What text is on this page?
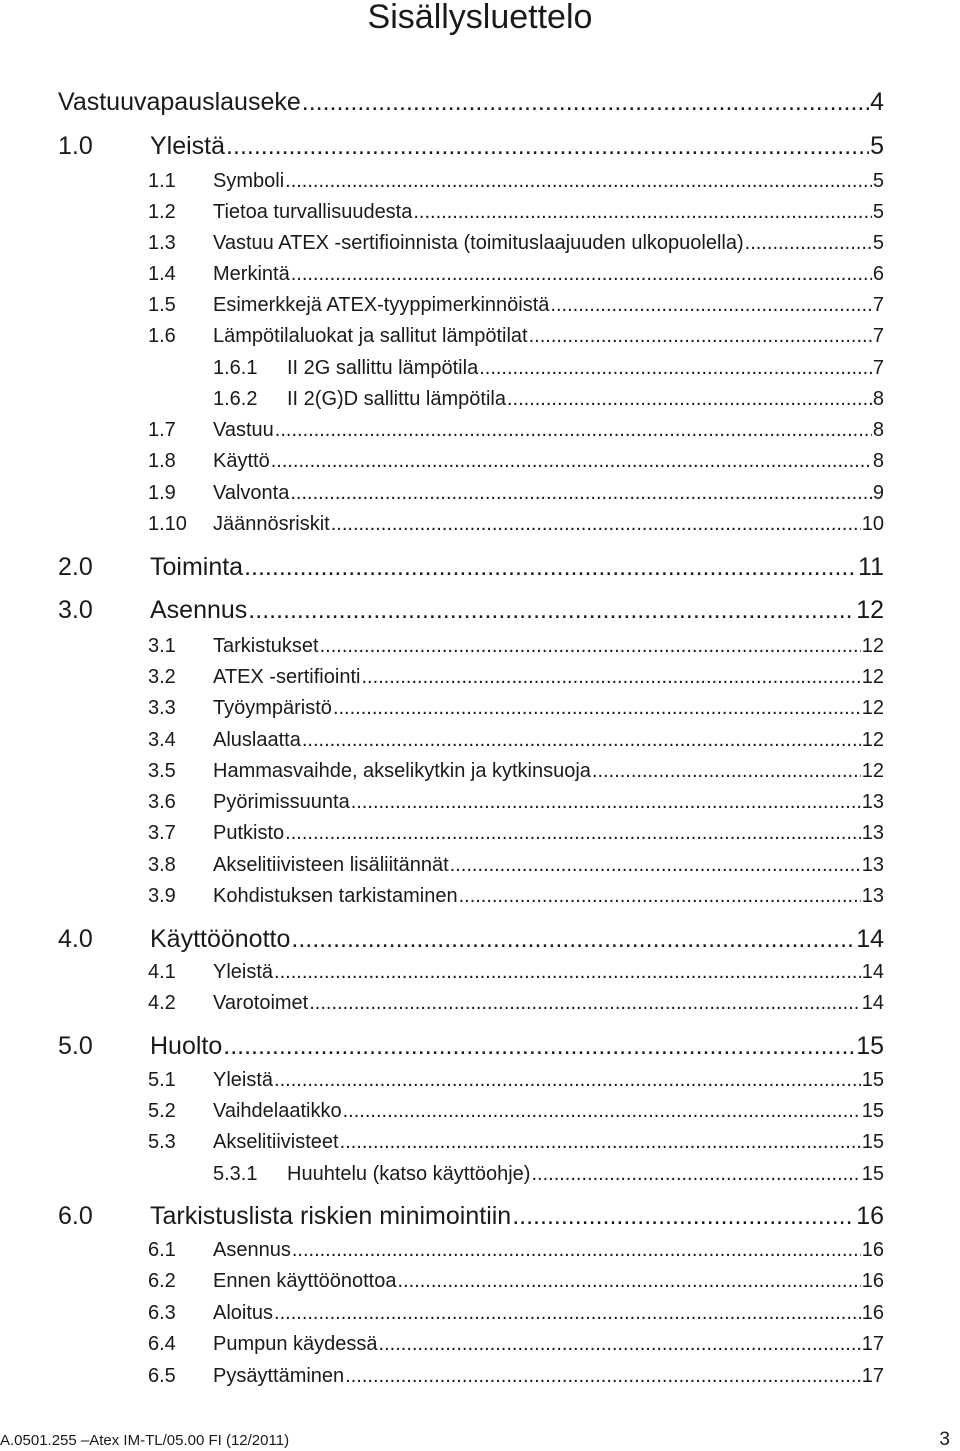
Sisällysluettelo
Vastuuvapauslauseke .....	4
1.0	Yleistä .....	5
1.1	Symboli .....	5
1.2	Tietoa turvallisuudesta .....	5
1.3	Vastuu ATEX -sertifioinnista (toimituslaajuuden ulkopuolella) .....	5
1.4	Merkintä .....	6
1.5	Esimerkkejä ATEX-tyyppimerkinnöistä .....	7
1.6	Lämpötilaluokat ja sallitut lämpötilat .....	7
1.6.1	II 2G sallittu lämpötila .....	7
1.6.2	II 2(G)D sallittu lämpötila .....	8
1.7	Vastuu .....	8
1.8	Käyttö .....	8
1.9	Valvonta .....	9
1.10	Jäännösriskit .....	10
2.0	Toiminta .....	11
3.0	Asennus .....	12
3.1	Tarkistukset .....	12
3.2	ATEX -sertifiointi .....	12
3.3	Työympäristö .....	12
3.4	Aluslaatta .....	12
3.5	Hammasvaihde, akselikytkin ja kytkinsuoja .....	12
3.6	Pyörimissuunta .....	13
3.7	Putkisto .....	13
3.8	Akselitiivisteen lisäliitännät .....	13
3.9	Kohdistuksen tarkistaminen .....	13
4.0	Käyttöönotto .....	14
4.1	Yleistä .....	14
4.2	Varotoimet .....	14
5.0	Huolto .....	15
5.1	Yleistä .....	15
5.2	Vaihdelaatikko .....	15
5.3	Akselitiivisteet .....	15
5.3.1	Huuhtelu (katso käyttöohje) .....	15
6.0	Tarkistuslista riskien minimointiin .....	16
6.1	Asennus .....	16
6.2	Ennen käyttöönottoa .....	16
6.3	Aloitus .....	16
6.4	Pumpun käydessä .....	17
6.5	Pysäyttäminen .....	17
A.0501.255 –Atex IM-TL/05.00 FI (12/2011)	3
